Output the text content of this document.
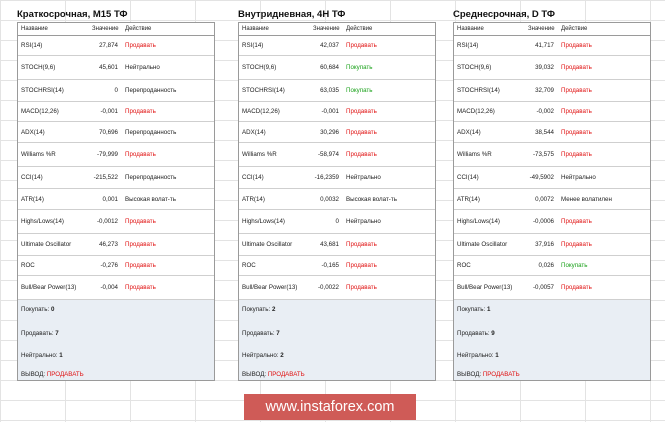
Краткосрочная, М15 ТФ
Название	Значение	Действие
RSI(14)	27,874	Продавать
STOCH(9,6)	45,601	Нейтрально
STOCHRSI(14)	0	Перепроданность
MACD(12,26)	-0,001	Продавать
ADX(14)	70,696	Перепроданность
Williams %R	-79,999	Продавать
CCI(14)	-215,522	Перепроданность
ATR(14)	0,001	Высокая волат-ть
Highs/Lows(14)	-0,0012	Продавать
Ultimate Oscillator	46,273	Продавать
ROC	-0,276	Продавать
Bull/Bear Power(13)	-0,004	Продавать
Покупать: 0
Продавать: 7
Нейтрально: 1
ВЫВОД: ПРОДАВАТЬ
Внутридневная, 4Н ТФ
Название	Значение	Действие
RSI(14)	42,037	Продавать
STOCH(9,6)	60,684	Покупать
STOCHRSI(14)	63,035	Покупать
MACD(12,26)	-0,001	Продавать
ADX(14)	30,296	Продавать
Williams %R	-58,974	Продавать
CCI(14)	-16,2359	Нейтрально
ATR(14)	0,0032	Высокая волат-ть
Highs/Lows(14)	0	Нейтрально
Ultimate Oscillator	43,681	Продавать
ROC	-0,165	Продавать
Bull/Bear Power(13)	-0,0022	Продавать
Покупать: 2
Продавать: 7
Нейтрально: 2
ВЫВОД: ПРОДАВАТЬ
Среднесрочная, D ТФ
Название	Значение	Действие
RSI(14)	41,717	Продавать
STOCH(9,6)	39,032	Продавать
STOCHRSI(14)	32,709	Продавать
MACD(12,26)	-0,002	Продавать
ADX(14)	38,544	Продавать
Williams %R	-73,575	Продавать
CCI(14)	-49,5902	Нейтрально
ATR(14)	0,0072	Менее волатилен
Highs/Lows(14)	-0,0006	Продавать
Ultimate Oscillator	37,916	Продавать
ROC	0,026	Покупать
Bull/Bear Power(13)	-0,0057	Продавать
Покупать: 1
Продавать: 9
Нейтрально: 1
ВЫВОД: ПРОДАВАТЬ
www.instaforex.com
